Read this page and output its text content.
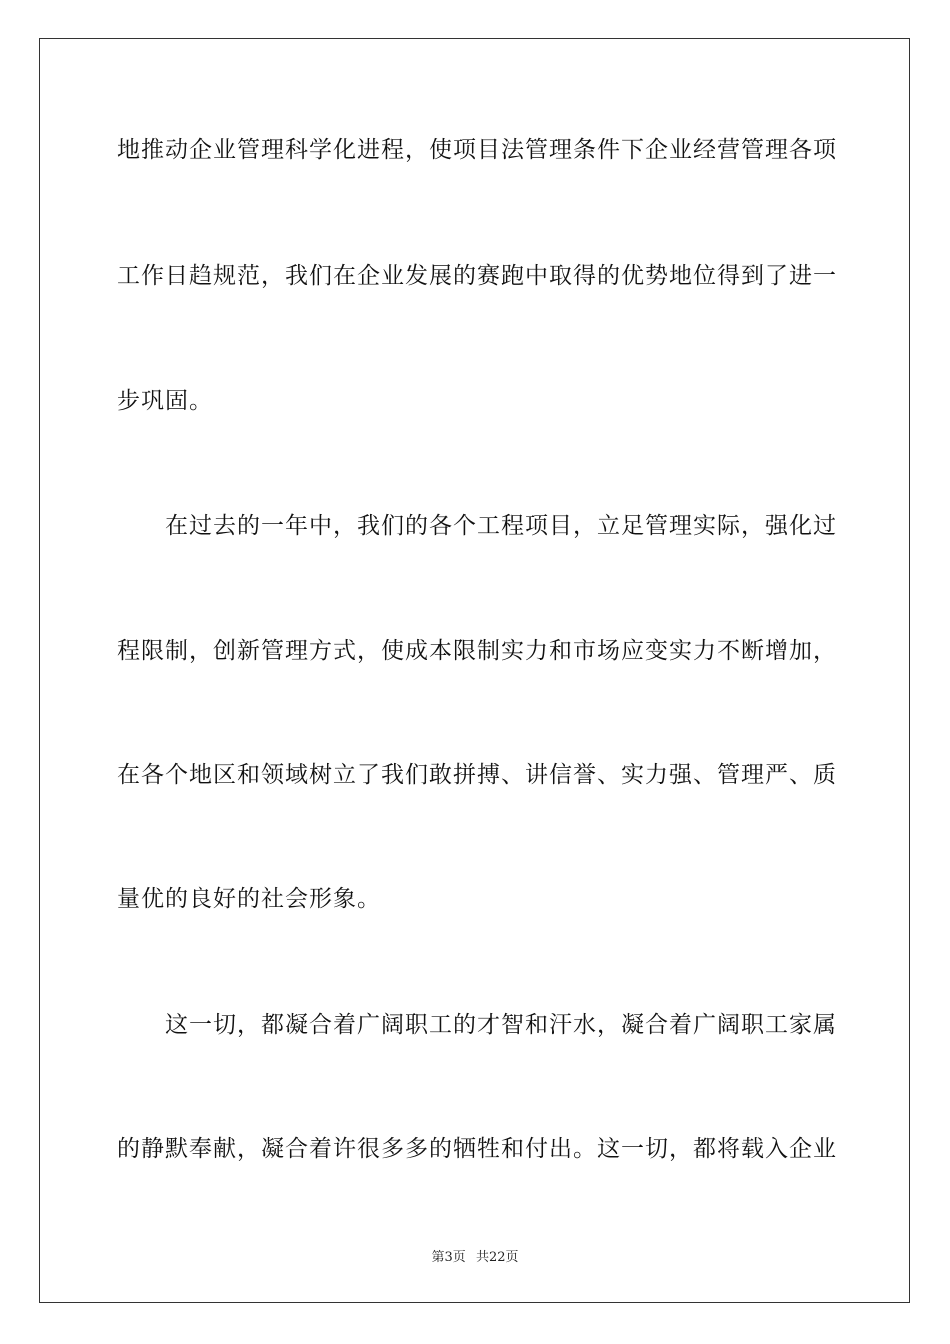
地推动企业管理科学化进程，使项目法管理条件下企业经营管理各项
工作日趋规范，我们在企业发展的赛跑中取得的优势地位得到了进一
步巩固。
在过去的一年中，我们的各个工程项目，立足管理实际，强化过
程限制，创新管理方式，使成本限制实力和市场应变实力不断增加，
在各个地区和领域树立了我们敢拼搏、讲信誉、实力强、管理严、质
量优的良好的社会形象。
这一切，都凝合着广阔职工的才智和汗水，凝合着广阔职工家属
的静默奉献，凝合着许很多多的牺牲和付出。这一切，都将载入企业
第3页 共22页
